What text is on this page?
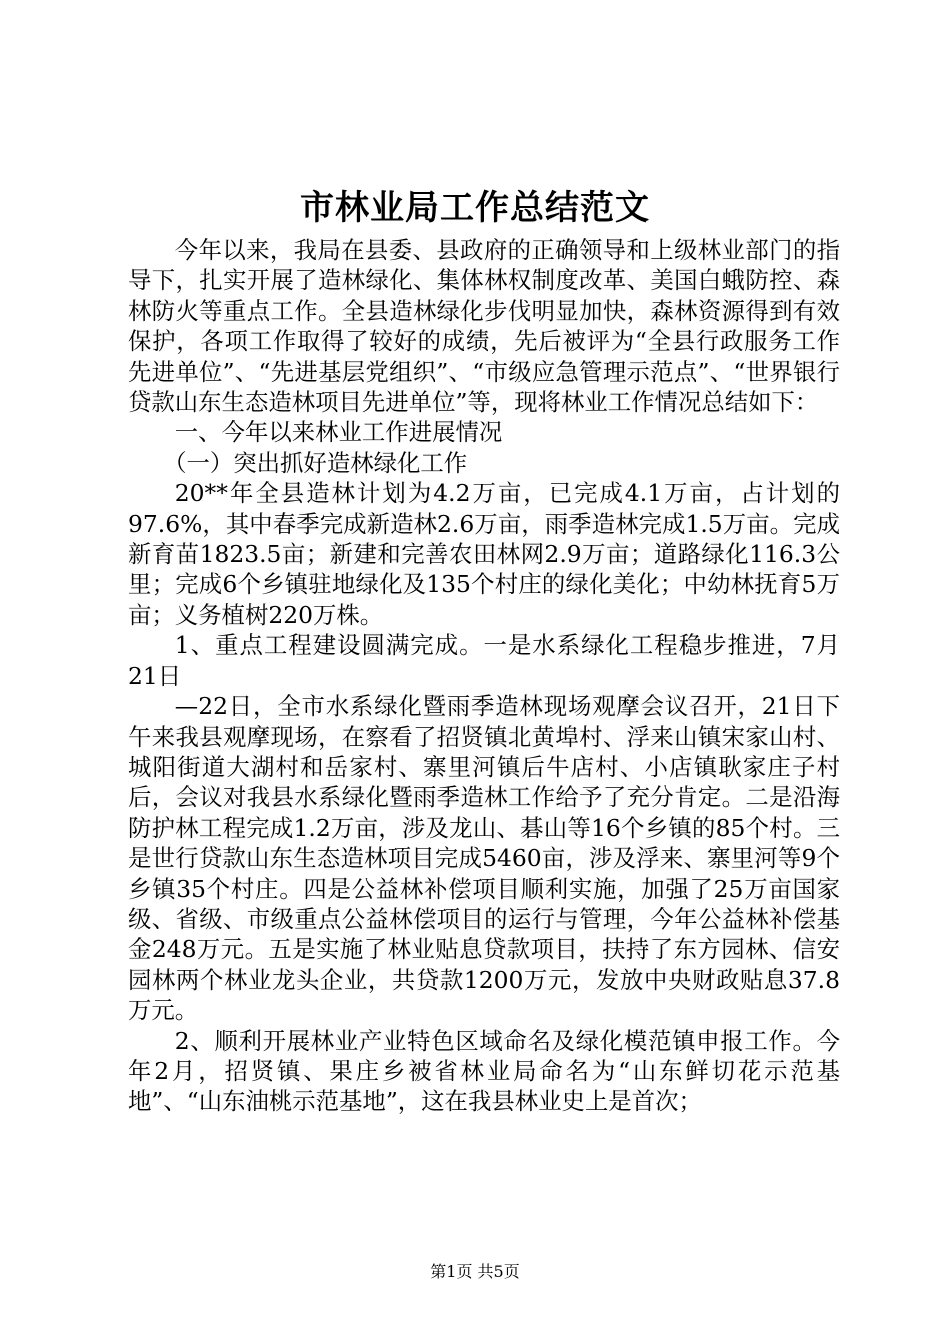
市林业局工作总结范文

今年以来，我局在县委、县政府的正确领导和上级林业部门的指导下，扎实开展了造林绿化、集体林权制度改革、美国白蛾防控、森林防火等重点工作。全县造林绿化步伐明显加快，森林资源得到有效保护，各项工作取得了较好的成绩，先后被评为“全县行政服务工作先进单位”、“先进基层党组织”、“市级应急管理示范点”、“世界银行贷款山东生态造林项目先进单位”等，现将林业工作情况总结如下：

一、今年以来林业工作进展情况

（一）突出抓好造林绿化工作

20**年全县造林计划为4.2万亩，已完成4.1万亩，占计划的97.6%，其中春季完成新造林2.6万亩，雨季造林完成1.5万亩。完成新育苗1823.5亩；新建和完善农田林网2.9万亩；道路绿化116.3公里；完成6个乡镇驻地绿化及135个村庄的绿化美化；中幼林抚育5万亩；义务植树220万株。

1、重点工程建设圆满完成。一是水系绿化工程稳步推进，7月21日

—22日，全市水系绿化暨雨季造林现场观摩会议召开，21日下午来我县观摩现场，在察看了招贤镇北黄埠村、浮来山镇宋家山村、城阳街道大湖村和岳家村、寨里河镇后牛店村、小店镇耿家庄子村后，会议对我县水系绿化暨雨季造林工作给予了充分肯定。二是沿海防护林工程完成1.2万亩，涉及龙山、碁山等16个乡镇的85个村。三是世行贷款山东生态造林项目完成5460亩，涉及浮来、寨里河等9个乡镇35个村庄。四是公益林补偿项目顺利实施，加强了25万亩国家级、省级、市级重点公益林偿项目的运行与管理，今年公益林补偿基金248万元。五是实施了林业贴息贷款项目，扶持了东方园林、信安园林两个林业龙头企业，共贷款1200万元，发放中央财政贴息37.8万元。

2、顺利开展林业产业特色区域命名及绿化模范镇申报工作。今年2月，招贤镇、果庄乡被省林业局命名为“山东鲜切花示范基地”、“山东油桃示范基地”，这在我县林业史上是首次；

第1页 共5页
